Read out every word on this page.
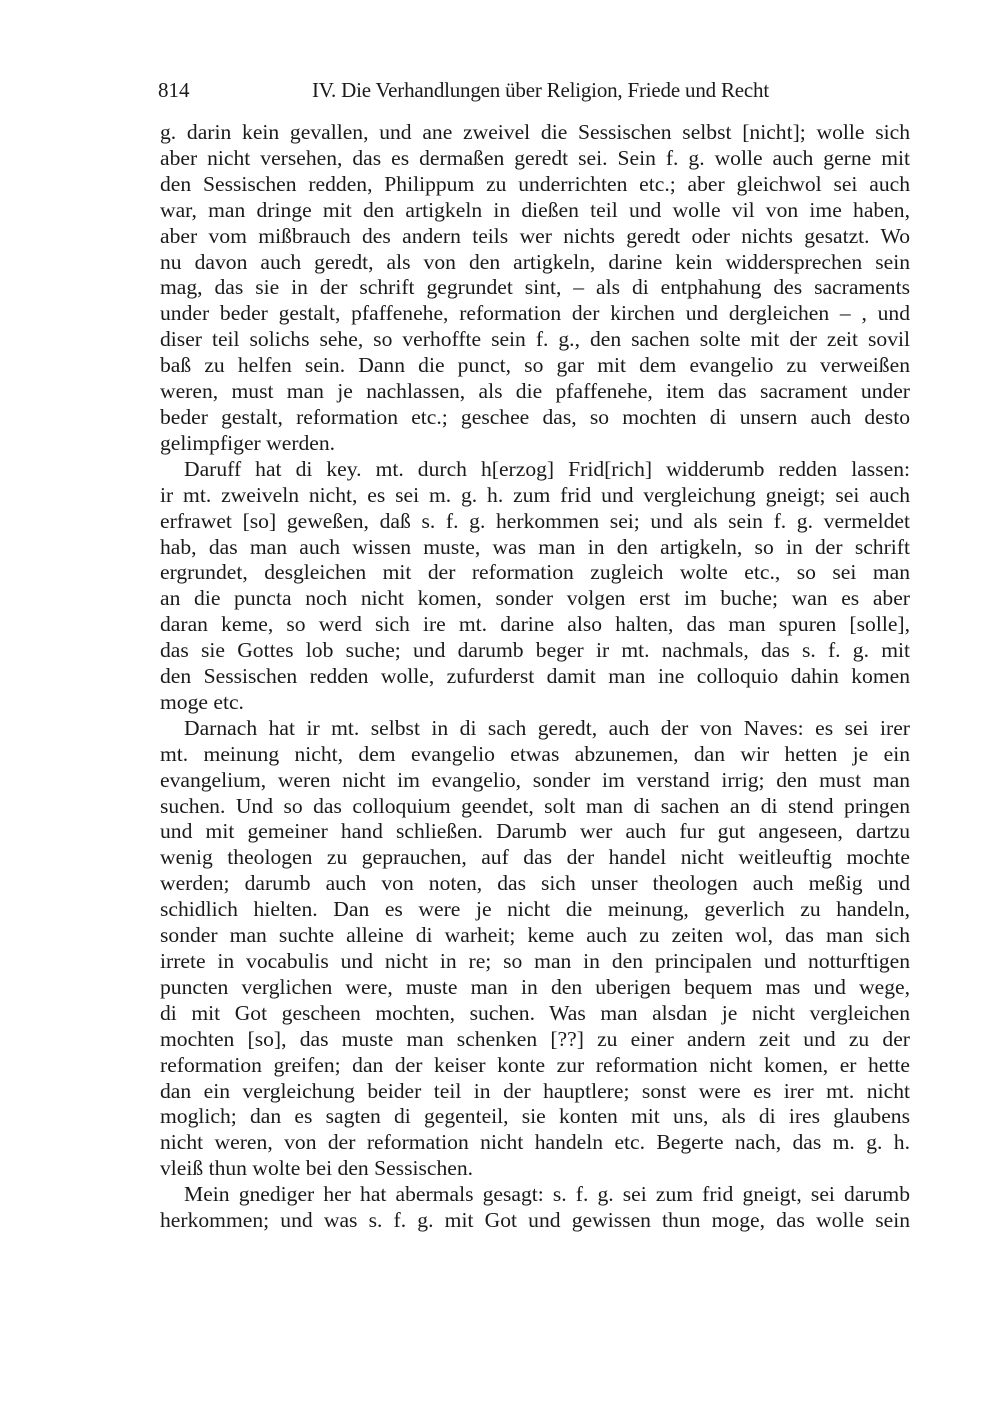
814	IV. Die Verhandlungen über Religion, Friede und Recht

g. darin kein gevallen, und ane zweivel die Sessischen selbst [nicht]; wolle sich
aber nicht versehen, das es dermaßen geredt sei. Sein f. g. wolle auch gerne mit
den Sessischen redden, Philippum zu underrichten etc.; aber gleichwol sei auch
war, man dringe mit den artigkeln in dießen teil und wolle vil von ime haben,
aber vom mißbrauch des andern teils wer nichts geredt oder nichts gesatzt. Wo
nu davon auch geredt, als von den artigkeln, darine kein widdersprechen sein
mag, das sie in der schrift gegrundet sint, – als di entphahung des sacraments
under beder gestalt, pfaffenehe, reformation der kirchen und dergleichen – , und
diser teil solichs sehe, so verhoffte sein f. g., den sachen solte mit der zeit sovil
baß zu helfen sein. Dann die punct, so gar mit dem evangelio zu verweißen
weren, must man je nachlassen, als die pfaffenehe, item das sacrament under
beder gestalt, reformation etc.; geschee das, so mochten di unsern auch desto
gelimpfiger werden.

Daruff hat di key. mt. durch h[erzog] Frid[rich] widderumb redden lassen:
ir mt. zweiveln nicht, es sei m. g. h. zum frid und vergleichung gneigt; sei auch
erfrawet [so] geweßen, daß s. f. g. herkommen sei; und als sein f. g. vermeldet
hab, das man auch wissen muste, was man in den artigkeln, so in der schrift
ergrundet, desgleichen mit der reformation zugleich wolte etc., so sei man
an die puncta noch nicht komen, sonder volgen erst im buche; wan es aber
daran keme, so werd sich ire mt. darine also halten, das man spuren [solle],
das sie Gottes lob suche; und darumb beger ir mt. nachmals, das s. f. g. mit
den Sessischen redden wolle, zufurderst damit man ine colloquio dahin komen
moge etc.

Darnach hat ir mt. selbst in di sach geredt, auch der von Naves: es sei irer
mt. meinung nicht, dem evangelio etwas abzunemen, dan wir hetten je ein
evangelium, weren nicht im evangelio, sonder im verstand irrig; den must man
suchen. Und so das colloquium geendet, solt man di sachen an di stend pringen
und mit gemeiner hand schließen. Darumb wer auch fur gut angeseen, dartzu
wenig theologen zu geprauchen, auf das der handel nicht weitleuftig mochte
werden; darumb auch von noten, das sich unser theologen auch meßig und
schidlich hielten. Dan es were je nicht die meinung, geverlich zu handeln,
sonder man suchte alleine di warheit; keme auch zu zeiten wol, das man sich
irrete in vocabulis und nicht in re; so man in den principalen und notturftigen
puncten verglichen were, muste man in den uberigen bequem mas und wege,
di mit Got gescheen mochten, suchen. Was man alsdan je nicht vergleichen
mochten [so], das muste man schenken [??] zu einer andern zeit und zu der
reformation greifen; dan der keiser konte zur reformation nicht komen, er hette
dan ein vergleichung beider teil in der hauptlere; sonst were es irer mt. nicht
moglich; dan es sagten di gegenteil, sie konten mit uns, als di ires glaubens
nicht weren, von der reformation nicht handeln etc. Begerte nach, das m. g. h.
vleiß thun wolte bei den Sessischen.

Mein gnediger her hat abermals gesagt: s. f. g. sei zum frid gneigt, sei darumb
herkommen; und was s. f. g. mit Got und gewissen thun moge, das wolle sein
